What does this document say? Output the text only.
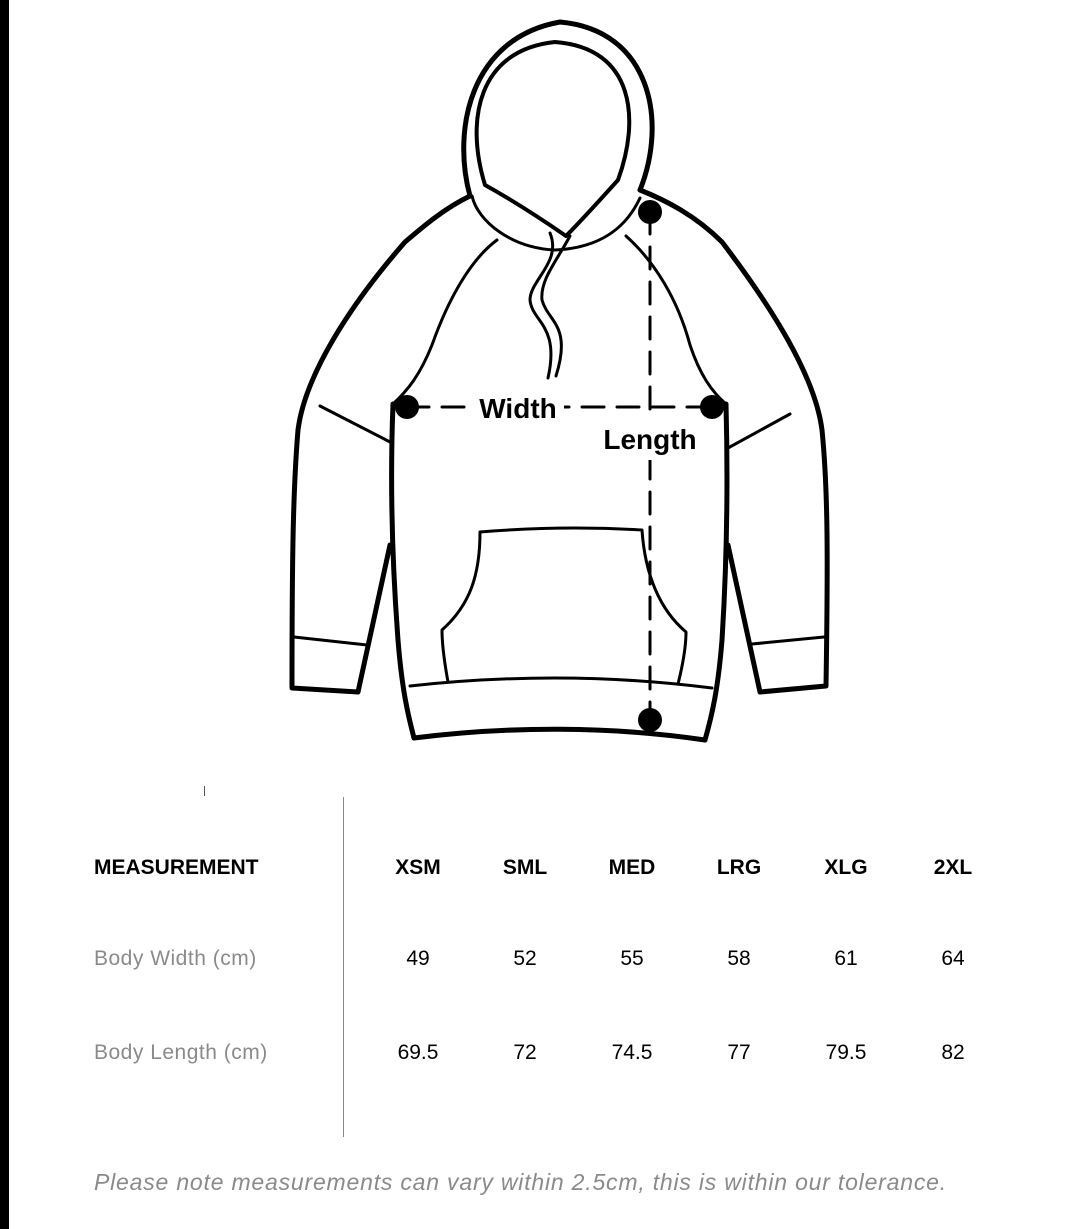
Width
Length
MEASUREMENT	XSM	SML	MED	LRG	XLG	2XL
Body Width (cm)	49	52	55	58	61	64
Body Length (cm)	69.5	72	74.5	77	79.5	82
Please note measurements can vary within 2.5cm, this is within our tolerance.
